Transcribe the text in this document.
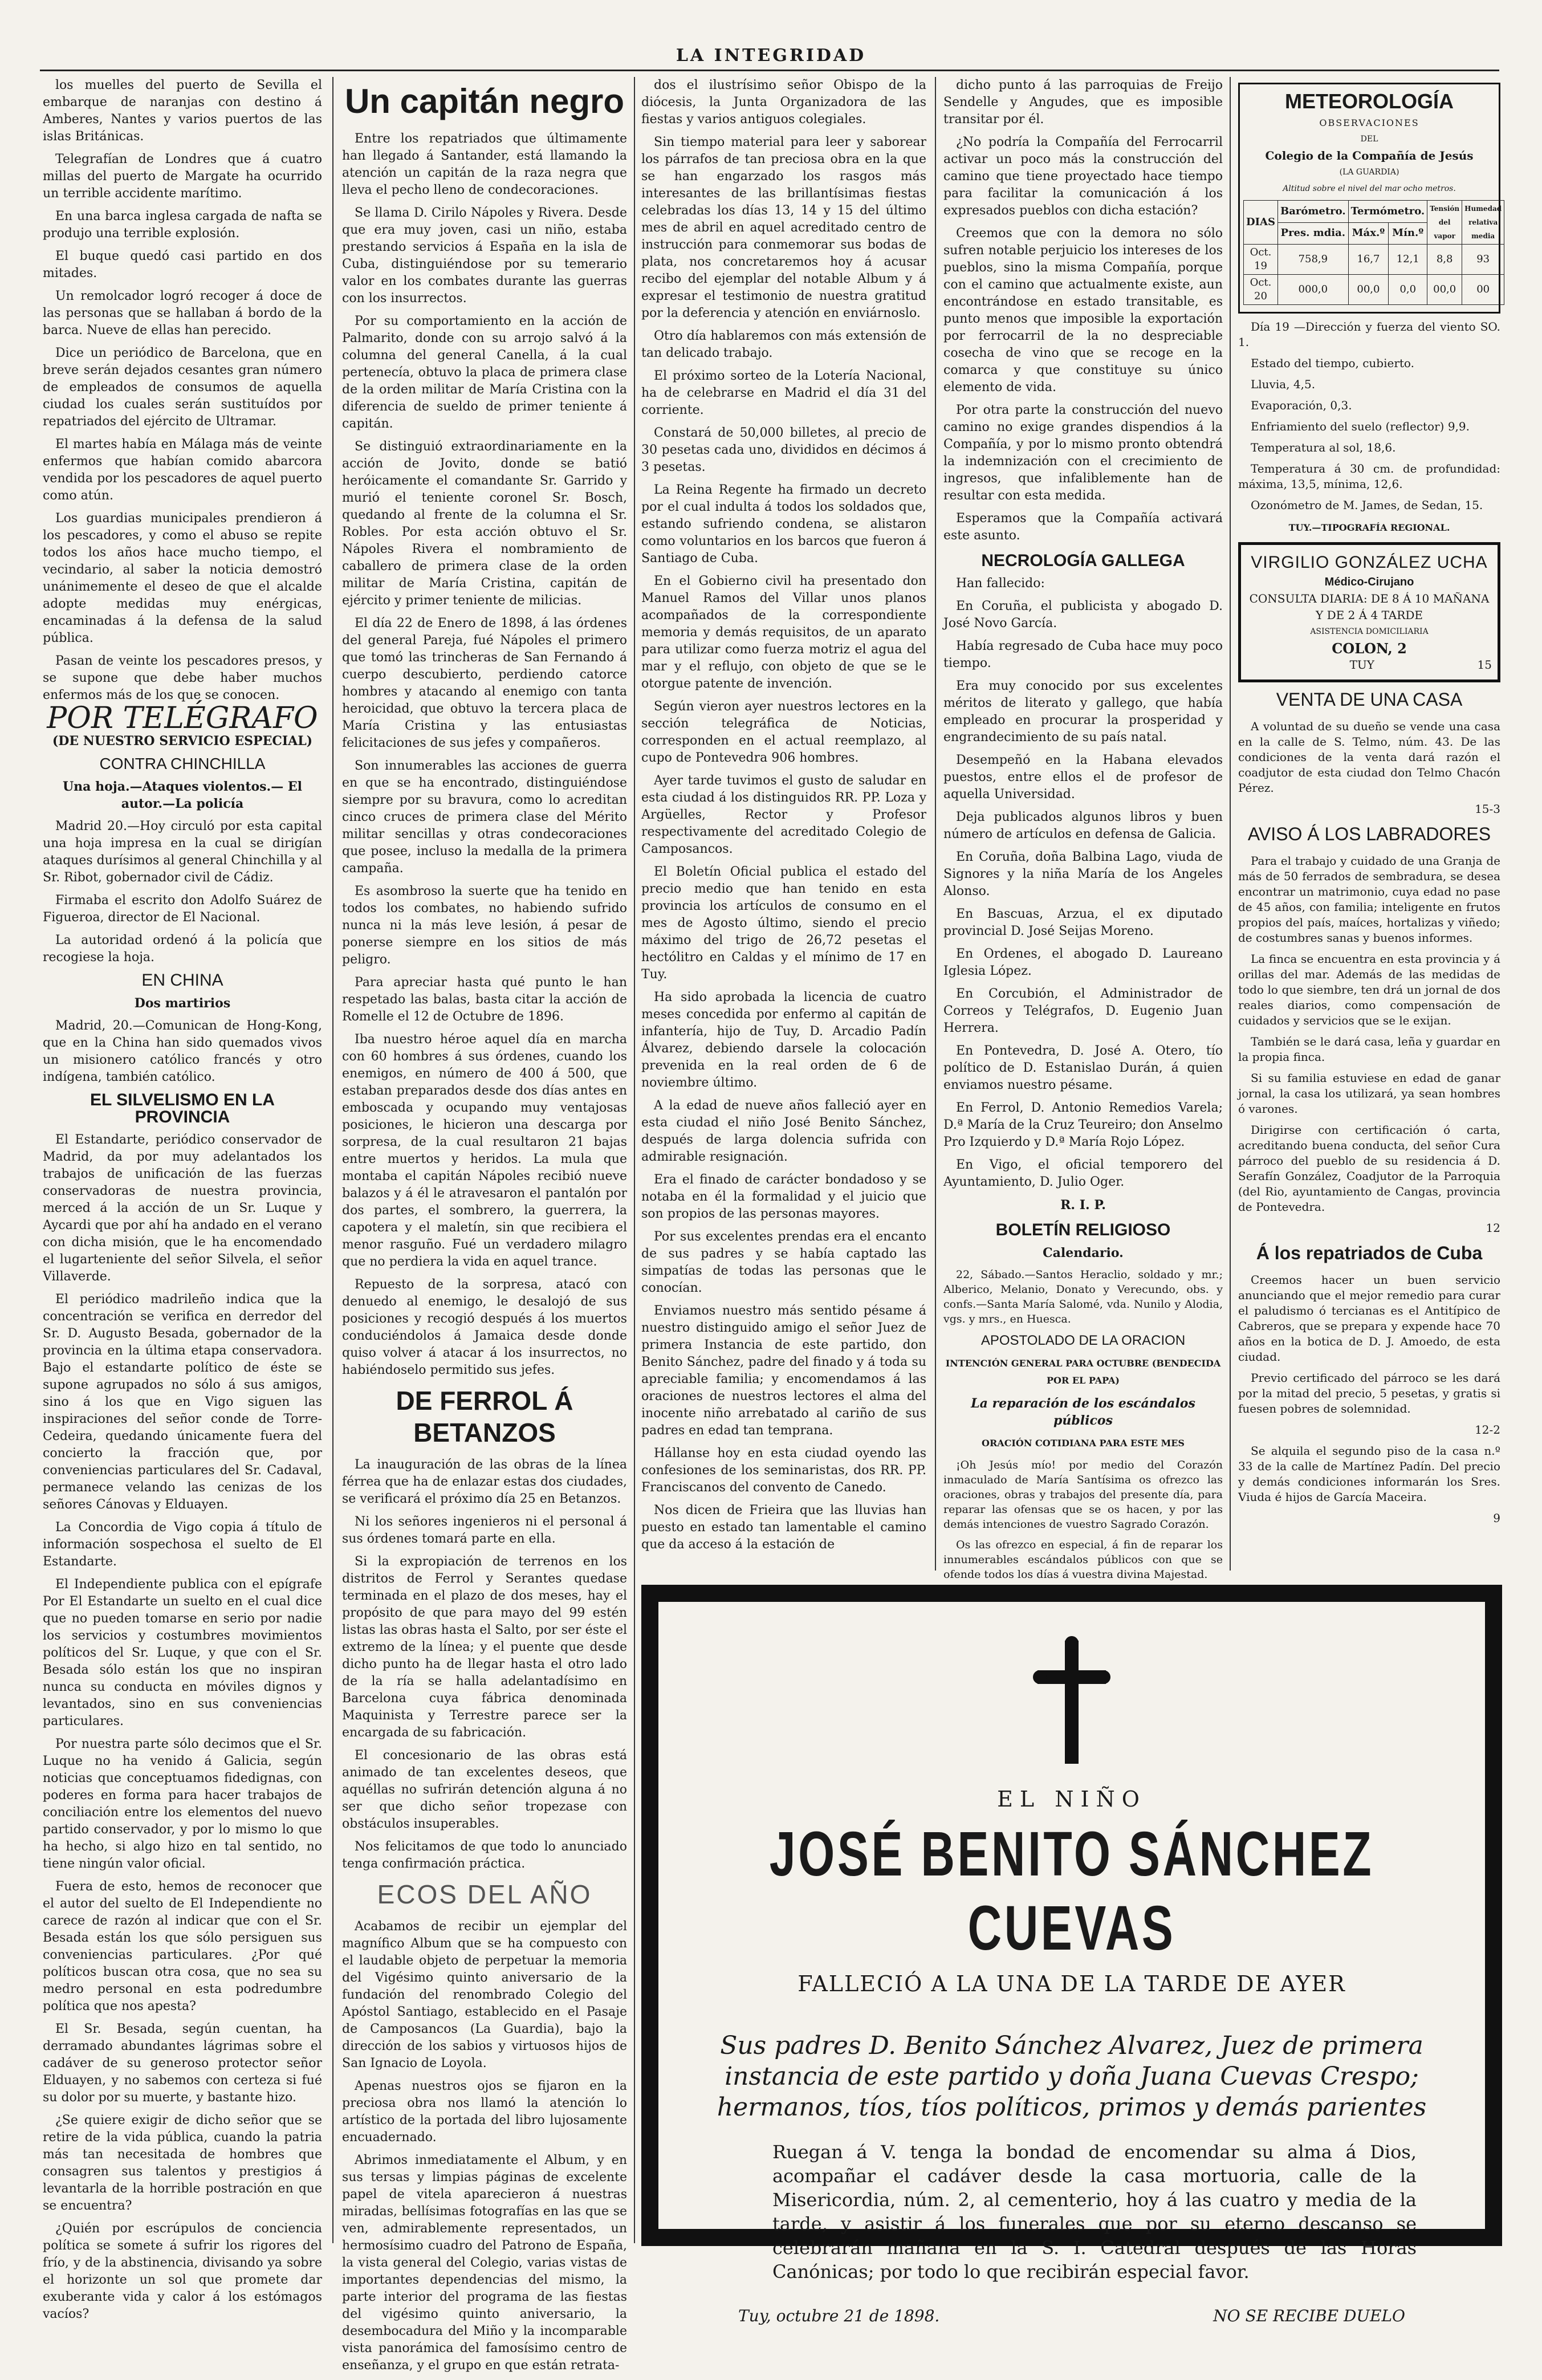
LA INTEGRIDAD

los muelles del puerto de Sevilla el embarque de naranjas con destino á Amberes, Nantes y varios puertos de las islas Británicas.

Telegrafían de Londres que á cuatro millas del puerto de Margate ha ocurrido un terrible accidente marítimo.

En una barca inglesa cargada de nafta se produjo una terrible explosión.

El buque quedó casi partido en dos mitades.

Un remolcador logró recoger á doce de las personas que se hallaban á bordo de la barca. Nueve de ellas han perecido.

Dice un periódico de Barcelona, que en breve serán dejados cesantes gran número de empleados de consumos de aquella ciudad los cuales serán sustituídos por repatriados del ejército de Ultramar.

El martes había en Málaga más de veinte enfermos que habían comido abarcora vendida por los pescadores de aquel puerto como atún.

Los guardias municipales prendieron á los pescadores, y como el abuso se repite todos los años hace mucho tiempo, el vecindario, al saber la noticia demostró unánimemente el deseo de que el alcalde adopte medidas muy enérgicas, encaminadas á la defensa de la salud pública.

Pasan de veinte los pescadores presos, y se supone que debe haber muchos enfermos más de los que se conocen.

POR TELÉGRAFO

(DE NUESTRO SERVICIO ESPECIAL)

CONTRA CHINCHILLA

Una hoja.—Ataques violentos.— El autor.—La policía

Madrid 20.—Hoy circuló por esta capital una hoja impresa en la cual se dirigían ataques durísimos al general Chinchilla y al Sr. Ribot, gobernador civil de Cádiz.

Firmaba el escrito don Adolfo Suárez de Figueroa, director de El Nacional.

La autoridad ordenó á la policía que recogiese la hoja.

EN CHINA

Dos martirios

Madrid, 20.—Comunican de Hong-Kong, que en la China han sido quemados vivos un misionero católico francés y otro indígena, también católico.

EL SILVELISMO EN LA PROVINCIA

El Estandarte, periódico conservador de Madrid, da por muy adelantados los trabajos de unificación de las fuerzas conservadoras de nuestra provincia, merced á la acción de un Sr. Luque y Aycardi que por ahí ha andado en el verano con dicha misión, que le ha encomendado el lugarteniente del señor Silvela, el señor Villaverde.

El periódico madrileño indica que la concentración se verifica en derredor del Sr. D. Augusto Besada, gobernador de la provincia en la última etapa conservadora. Bajo el estandarte político de éste se supone agrupados no sólo á sus amigos, sino á los que en Vigo siguen las inspiraciones del señor conde de Torre-Cedeira, quedando únicamente fuera del concierto la fracción que, por conveniencias particulares del Sr. Cadaval, permanece velando las cenizas de los señores Cánovas y Elduayen.

La Concordia de Vigo copia á título de información sospechosa el suelto de El Estandarte.

El Independiente publica con el epígrafe Por El Estandarte un suelto en el cual dice que no pueden tomarse en serio por nadie los servicios y costumbres movimientos políticos del Sr. Luque, y que con el Sr. Besada sólo están los que no inspiran nunca su conducta en móviles dignos y levantados, sino en sus conveniencias particulares.

Por nuestra parte sólo decimos que el Sr. Luque no ha venido á Galicia, según noticias que conceptuamos fidedignas, con poderes en forma para hacer trabajos de conciliación entre los elementos del nuevo partido conservador, y por lo mismo lo que ha hecho, si algo hizo en tal sentido, no tiene ningún valor oficial.

Fuera de esto, hemos de reconocer que el autor del suelto de El Independiente no carece de razón al indicar que con el Sr. Besada están los que sólo persiguen sus conveniencias particulares. ¿Por qué políticos buscan otra cosa, que no sea su medro personal en esta podredumbre política que nos apesta?

El Sr. Besada, según cuentan, ha derramado abundantes lágrimas sobre el cadáver de su generoso protector señor Elduayen, y no sabemos con certeza si fué su dolor por su muerte, y bastante hizo.

¿Se quiere exigir de dicho señor que se retire de la vida pública, cuando la patria más tan necesitada de hombres que consagren sus talentos y prestigios á levantarla de la horrible postración en que se encuentra?

¿Quién por escrúpulos de conciencia política se somete á sufrir los rigores del frío, y de la abstinencia, divisando ya sobre el horizonte un sol que promete dar exuberante vida y calor á los estómagos vacíos?

Un capitán negro

Entre los repatriados que últimamente han llegado á Santander, está llamando la atención un capitán de la raza negra que lleva el pecho lleno de condecoraciones.

Se llama D. Cirilo Nápoles y Rivera. Desde que era muy joven, casi un niño, estaba prestando servicios á España en la isla de Cuba, distinguiéndose por su temerario valor en los combates durante las guerras con los insurrectos.

Por su comportamiento en la acción de Palmarito, donde con su arrojo salvó á la columna del general Canella, á la cual pertenecía, obtuvo la placa de primera clase de la orden militar de María Cristina con la diferencia de sueldo de primer teniente á capitán.

Se distinguió extraordinariamente en la acción de Jovito, donde se batió heróicamente el comandante Sr. Garrido y murió el teniente coronel Sr. Bosch, quedando al frente de la columna el Sr. Robles. Por esta acción obtuvo el Sr. Nápoles Rivera el nombramiento de caballero de primera clase de la orden militar de María Cristina, capitán de ejército y primer teniente de milicias.

El día 22 de Enero de 1898, á las órdenes del general Pareja, fué Nápoles el primero que tomó las trincheras de San Fernando á cuerpo descubierto, perdiendo catorce hombres y atacando al enemigo con tanta heroicidad, que obtuvo la tercera placa de María Cristina y las entusiastas felicitaciones de sus jefes y compañeros.

Son innumerables las acciones de guerra en que se ha encontrado, distinguiéndose siempre por su bravura, como lo acreditan cinco cruces de primera clase del Mérito militar sencillas y otras condecoraciones que posee, incluso la medalla de la primera campaña.

Es asombroso la suerte que ha tenido en todos los combates, no habiendo sufrido nunca ni la más leve lesión, á pesar de ponerse siempre en los sitios de más peligro.

Para apreciar hasta qué punto le han respetado las balas, basta citar la acción de Romelle el 12 de Octubre de 1896.

Iba nuestro héroe aquel día en marcha con 60 hombres á sus órdenes, cuando los enemigos, en número de 400 á 500, que estaban preparados desde dos días antes en emboscada y ocupando muy ventajosas posiciones, le hicieron una descarga por sorpresa, de la cual resultaron 21 bajas entre muertos y heridos. La mula que montaba el capitán Nápoles recibió nueve balazos y á él le atravesaron el pantalón por dos partes, el sombrero, la guerrera, la capotera y el maletín, sin que recibiera el menor rasguño. Fué un verdadero milagro que no perdiera la vida en aquel trance.

Repuesto de la sorpresa, atacó con denuedo al enemigo, le desalojó de sus posiciones y recogió después á los muertos conduciéndolos á Jamaica desde donde quiso volver á atacar á los insurrectos, no habiéndoselo permitido sus jefes.

DE FERROL Á BETANZOS

La inauguración de las obras de la línea férrea que ha de enlazar estas dos ciudades, se verificará el próximo día 25 en Betanzos.

Ni los señores ingenieros ni el personal á sus órdenes tomará parte en ella.

Si la expropiación de terrenos en los distritos de Ferrol y Serantes quedase terminada en el plazo de dos meses, hay el propósito de que para mayo del 99 estén listas las obras hasta el Salto, por ser éste el extremo de la línea; y el puente que desde dicho punto ha de llegar hasta el otro lado de la ría se halla adelantadísimo en Barcelona cuya fábrica denominada Maquinista y Terrestre parece ser la encargada de su fabricación.

El concesionario de las obras está animado de tan excelentes deseos, que aquéllas no sufrirán detención alguna á no ser que dicho señor tropezase con obstáculos insuperables.

Nos felicitamos de que todo lo anunciado tenga confirmación práctica.

ECOS DEL AÑO

Acabamos de recibir un ejemplar del magnífico Album que se ha compuesto con el laudable objeto de perpetuar la memoria del Vigésimo quinto aniversario de la fundación del renombrado Colegio del Apóstol Santiago, establecido en el Pasaje de Camposancos (La Guardia), bajo la dirección de los sabios y virtuosos hijos de San Ignacio de Loyola.

Apenas nuestros ojos se fijaron en la preciosa obra nos llamó la atención lo artístico de la portada del libro lujosamente encuadernado.

Abrimos inmediatamente el Album, y en sus tersas y limpias páginas de excelente papel de vitela aparecieron á nuestras miradas, bellísimas fotografías en las que se ven, admirablemente representados, un hermosísimo cuadro del Patrono de España, la vista general del Colegio, varias vistas de importantes dependencias del mismo, la parte interior del programa de las fiestas del vigésimo quinto aniversario, la desembocadura del Miño y la incomparable vista panorámica del famosísimo centro de enseñanza, y el grupo en que están retrata-

dos el ilustrísimo señor Obispo de la diócesis, la Junta Organizadora de las fiestas y varios antiguos colegiales.

Sin tiempo material para leer y saborear los párrafos de tan preciosa obra en la que se han engarzado los rasgos más interesantes de las brillantísimas fiestas celebradas los días 13, 14 y 15 del último mes de abril en aquel acreditado centro de instrucción para conmemorar sus bodas de plata, nos concretaremos hoy á acusar recibo del ejemplar del notable Album y á expresar el testimonio de nuestra gratitud por la deferencia y atención en enviárnoslo.

Otro día hablaremos con más extensión de tan delicado trabajo.

El próximo sorteo de la Lotería Nacional, ha de celebrarse en Madrid el día 31 del corriente.

Constará de 50,000 billetes, al precio de 30 pesetas cada uno, divididos en décimos á 3 pesetas.

La Reina Regente ha firmado un decreto por el cual indulta á todos los soldados que, estando sufriendo condena, se alistaron como voluntarios en los barcos que fueron á Santiago de Cuba.

En el Gobierno civil ha presentado don Manuel Ramos del Villar unos planos acompañados de la correspondiente memoria y demás requisitos, de un aparato para utilizar como fuerza motriz el agua del mar y el reflujo, con objeto de que se le otorgue patente de invención.

Según vieron ayer nuestros lectores en la sección telegráfica de Noticias, corresponden en el actual reemplazo, al cupo de Pontevedra 906 hombres.

Ayer tarde tuvimos el gusto de saludar en esta ciudad á los distinguidos RR. PP. Loza y Argüelles, Rector y Profesor respectivamente del acreditado Colegio de Camposancos.

El Boletín Oficial publica el estado del precio medio que han tenido en esta provincia los artículos de consumo en el mes de Agosto último, siendo el precio máximo del trigo de 26,72 pesetas el hectólitro en Caldas y el mínimo de 17 en Tuy.

Ha sido aprobada la licencia de cuatro meses concedida por enfermo al capitán de infantería, hijo de Tuy, D. Arcadio Padín Álvarez, debiendo darsele la colocación prevenida en la real orden de 6 de noviembre último.

A la edad de nueve años falleció ayer en esta ciudad el niño José Benito Sánchez, después de larga dolencia sufrida con admirable resignación.

Era el finado de carácter bondadoso y se notaba en él la formalidad y el juicio que son propios de las personas mayores.

Por sus excelentes prendas era el encanto de sus padres y se había captado las simpatías de todas las personas que le conocían.

Enviamos nuestro más sentido pésame á nuestro distinguido amigo el señor Juez de primera Instancia de este partido, don Benito Sánchez, padre del finado y á toda su apreciable familia; y encomendamos á las oraciones de nuestros lectores el alma del inocente niño arrebatado al cariño de sus padres en edad tan temprana.

Hállanse hoy en esta ciudad oyendo las confesiones de los seminaristas, dos RR. PP. Franciscanos del convento de Canedo.

Nos dicen de Frieira que las lluvias han puesto en estado tan lamentable el camino que da acceso á la estación de

dicho punto á las parroquias de Freijo Sendelle y Angudes, que es imposible transitar por él.

¿No podría la Compañía del Ferrocarril activar un poco más la construcción del camino que tiene proyectado hace tiempo para facilitar la comunicación á los expresados pueblos con dicha estación?

Creemos que con la demora no sólo sufren notable perjuicio los intereses de los pueblos, sino la misma Compañía, porque con el camino que actualmente existe, aun encontrándose en estado transitable, es punto menos que imposible la exportación por ferrocarril de la no despreciable cosecha de vino que se recoge en la comarca y que constituye su único elemento de vida.

Por otra parte la construcción del nuevo camino no exige grandes dispendios á la Compañía, y por lo mismo pronto obtendrá la indemnización con el crecimiento de ingresos, que infaliblemente han de resultar con esta medida.

Esperamos que la Compañía activará este asunto.

NECROLOGÍA GALLEGA

Han fallecido:

En Coruña, el publicista y abogado D. José Novo García.

Había regresado de Cuba hace muy poco tiempo.

Era muy conocido por sus excelentes méritos de literato y gallego, que había empleado en procurar la prosperidad y engrandecimiento de su país natal.

Desempeñó en la Habana elevados puestos, entre ellos el de profesor de aquella Universidad.

Deja publicados algunos libros y buen número de artículos en defensa de Galicia.

En Coruña, doña Balbina Lago, viuda de Signores y la niña María de los Angeles Alonso.

En Bascuas, Arzua, el ex diputado provincial D. José Seijas Moreno.

En Ordenes, el abogado D. Laureano Iglesia López.

En Corcubión, el Administrador de Correos y Telégrafos, D. Eugenio Juan Herrera.

En Pontevedra, D. José A. Otero, tío político de D. Estanislao Durán, á quien enviamos nuestro pésame.

En Ferrol, D. Antonio Remedios Varela; D.ª María de la Cruz Teureiro; don Anselmo Pro Izquierdo y D.ª María Rojo López.

En Vigo, el oficial temporero del Ayuntamiento, D. Julio Oger.

R. I. P.

BOLETÍN RELIGIOSO

Calendario.

22, Sábado.—Santos Heraclio, soldado y mr.; Alberico, Melanio, Donato y Verecundo, obs. y confs.—Santa María Salomé, vda. Nunilo y Alodia, vgs. y mrs., en Huesca.

APOSTOLADO DE LA ORACION

INTENCIÓN GENERAL PARA OCTUBRE (BENDECIDA POR EL PAPA)

La reparación de los escándalos públicos

ORACIÓN COTIDIANA PARA ESTE MES

¡Oh Jesús mío! por medio del Corazón inmaculado de María Santísima os ofrezco las oraciones, obras y trabajos del presente día, para reparar las ofensas que se os hacen, y por las demás intenciones de vuestro Sagrado Corazón.

Os las ofrezco en especial, á fin de reparar los innumerables escándalos públicos con que se ofende todos los días á vuestra divina Majestad.

METEOROLOGÍA

OBSERVACIONES

DEL

Colegio de la Compañía de Jesús

(LA GUARDIA)

Altitud sobre el nivel del mar ocho metros.

DIAS	Barómetro.	Termómetro.		Tensión del vapor	Humedad relativa media
	Pres. mdia.	Máx.º	Mín.º		
Oct. 19	758,9	16,7	12,1	8,8	93
Oct. 20	000,0	00,0	0,0	00,0	00

Día 19 —Dirección y fuerza del viento SO. 1.

Estado del tiempo, cubierto.

Lluvia, 4,5.

Evaporación, 0,3.

Enfriamiento del suelo (reflector) 9,9.

Temperatura al sol, 18,6.

Temperatura á 30 cm. de profundidad: máxima, 13,5, mínima, 12,6.

Ozonómetro de M. James, de Sedan, 15.

TUY.—TIPOGRAFÍA REGIONAL.

VIRGILIO GONZÁLEZ UCHA

Médico-Cirujano

CONSULTA DIARIA: DE 8 Á 10 MAÑANA

Y DE 2 Á 4 TARDE

ASISTENCIA DOMICILIARIA

COLON, 2

TUY	15

VENTA DE UNA CASA

A voluntad de su dueño se vende una casa en la calle de S. Telmo, núm. 43. De las condiciones de la venta dará razón el coadjutor de esta ciudad don Telmo Chacón Pérez.

15-3

AVISO Á LOS LABRADORES

Para el trabajo y cuidado de una Granja de más de 50 ferrados de sembradura, se desea encontrar un matrimonio, cuya edad no pase de 45 años, con familia; inteligente en frutos propios del país, maíces, hortalizas y viñedo; de costumbres sanas y buenos informes.

La finca se encuentra en esta provincia y á orillas del mar. Además de las medidas de todo lo que siembre, ten drá un jornal de dos reales diarios, como compensación de cuidados y servicios que se le exijan.

También se le dará casa, leña y guardar en la propia finca.

Si su familia estuviese en edad de ganar jornal, la casa los utilizará, ya sean hombres ó varones.

Dirigirse con certificación ó carta, acreditando buena conducta, del señor Cura párroco del pueblo de su residencia á D. Serafín González, Coadjutor de la Parroquia (del Rio, ayuntamiento de Cangas, provincia de Pontevedra.

12

Á los repatriados de Cuba

Creemos hacer un buen servicio anunciando que el mejor remedio para curar el paludismo ó tercianas es el Antitípico de Cabreros, que se prepara y expende hace 70 años en la botica de D. J. Amoedo, de esta ciudad.

Previo certificado del párroco se les dará por la mitad del precio, 5 pesetas, y gratis si fuesen pobres de solemnidad.

12-2

Se alquila el segundo piso de la casa n.º 33 de la calle de Martínez Padín. Del precio y demás condiciones informarán los Sres. Viuda é hijos de García Maceira.

9

EL NIÑO
JOSÉ BENITO SÁNCHEZ CUEVAS
FALLECIÓ A LA UNA DE LA TARDE DE AYER
Sus padres D. Benito Sánchez Alvarez, Juez de primera instancia de este partido y doña Juana Cuevas Crespo; hermanos, tíos, tíos políticos, primos y demás parientes
Ruegan á V. tenga la bondad de encomendar su alma á Dios, acompañar el cadáver desde la casa mortuoria, calle de la Misericordia, núm. 2, al cementerio, hoy á las cuatro y media de la tarde, y asistir á los funerales que por su eterno descanso se celebrarán mañana en la S. I. Catedral después de las Horas Canónicas; por todo lo que recibirán especial favor.
Tuy, octubre 21 de 1898.	NO SE RECIBE DUELO
